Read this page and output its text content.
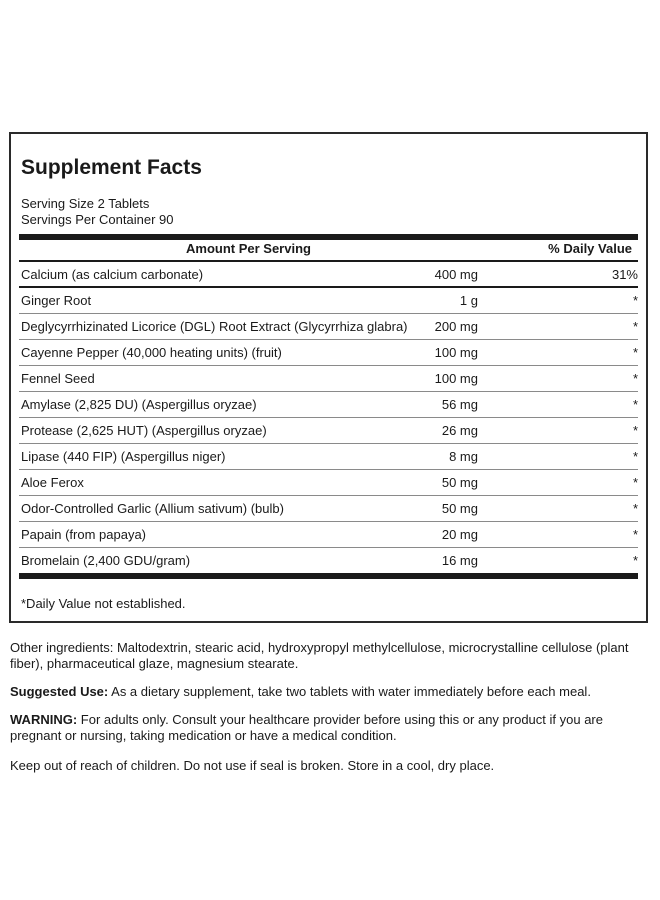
Supplement Facts
Serving Size 2 Tablets
Servings Per Container 90
Amount Per Serving	% Daily Value
Calcium (as calcium carbonate)	400 mg	31%
Ginger Root	1 g	*
Deglycyrrhizinated Licorice (DGL) Root Extract (Glycyrrhiza glabra) 200 mg	*
Cayenne Pepper (40,000 heating units) (fruit)	100 mg	*
Fennel Seed	100 mg	*
Amylase (2,825 DU) (Aspergillus oryzae)	56 mg	*
Protease (2,625 HUT) (Aspergillus oryzae)	26 mg	*
Lipase (440 FIP) (Aspergillus niger)	8 mg	*
Aloe Ferox	50 mg	*
Odor-Controlled Garlic (Allium sativum) (bulb)	50 mg	*
Papain (from papaya)	20 mg	*
Bromelain (2,400 GDU/gram)	16 mg	*
*Daily Value not established.

Other ingredients: Maltodextrin, stearic acid, hydroxypropyl methylcellulose, microcrystalline cellulose (plant fiber), pharmaceutical glaze, magnesium stearate.

Suggested Use: As a dietary supplement, take two tablets with water immediately before each meal.

WARNING: For adults only. Consult your healthcare provider before using this or any product if you are pregnant or nursing, taking medication or have a medical condition.

Keep out of reach of children. Do not use if seal is broken. Store in a cool, dry place.
